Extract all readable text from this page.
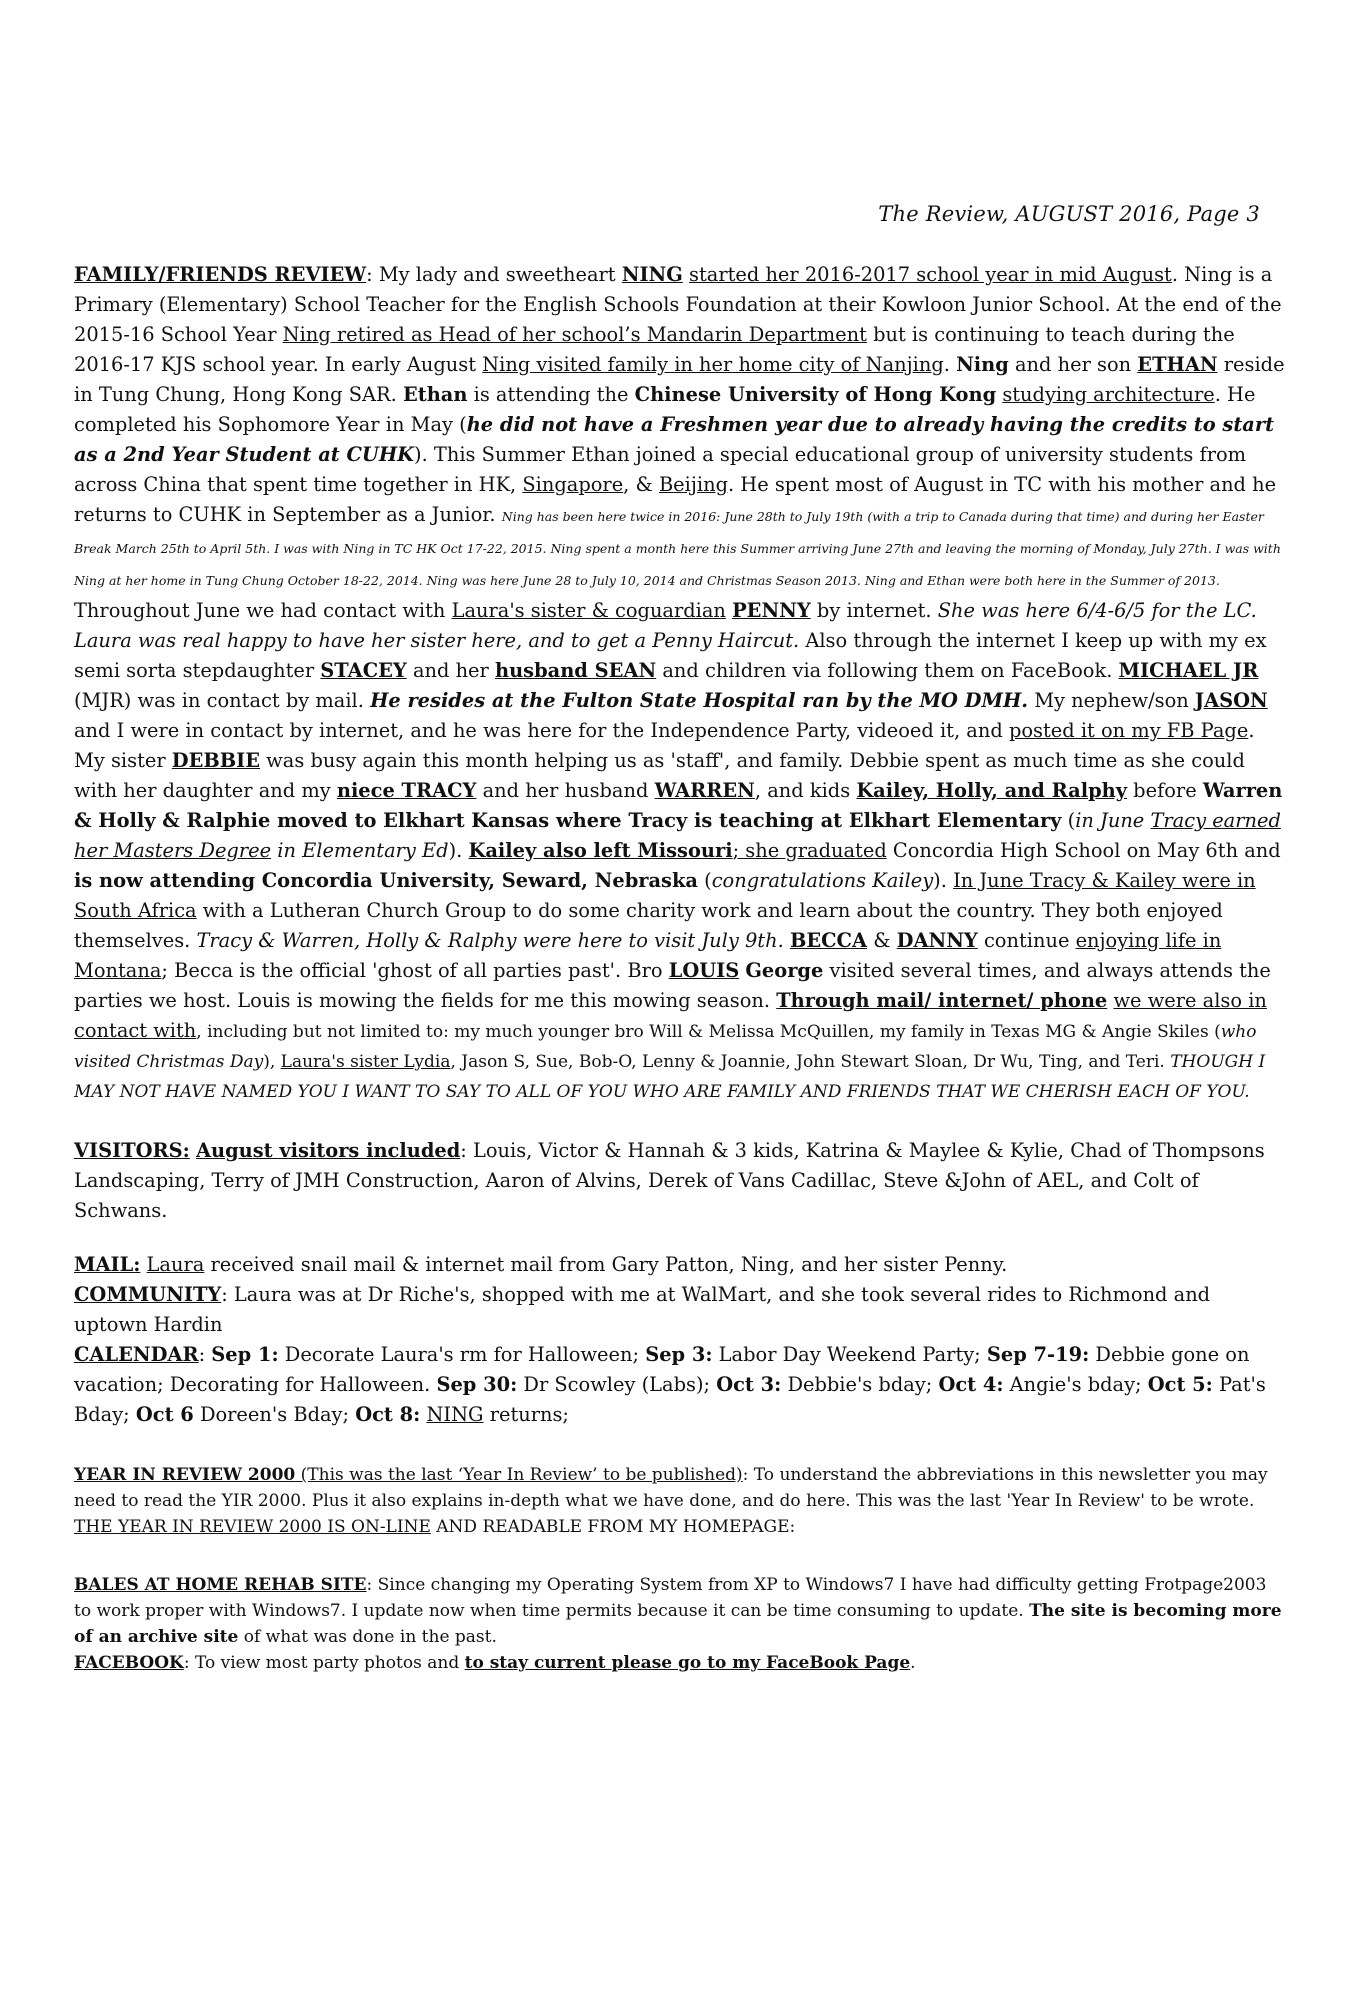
The Review, AUGUST 2016, Page 3

FAMILY/FRIENDS REVIEW: My lady and sweetheart NING started her 2016-2017 school year in mid August. Ning is a Primary (Elementary) School Teacher for the English Schools Foundation at their Kowloon Junior School. At the end of the 2015-16 School Year Ning retired as Head of her school’s Mandarin Department but is continuing to teach during the 2016-17 KJS school year. In early August Ning visited family in her home city of Nanjing. Ning and her son ETHAN reside in Tung Chung, Hong Kong SAR. Ethan is attending the Chinese University of Hong Kong studying architecture. He completed his Sophomore Year in May (he did not have a Freshmen year due to already having the credits to start as a 2nd Year Student at CUHK). This Summer Ethan joined a special educational group of university students from across China that spent time together in HK, Singapore, & Beijing. He spent most of August in TC with his mother and he returns to CUHK in September as a Junior. Ning has been here twice in 2016: June 28th to July 19th (with a trip to Canada during that time) and during her Easter Break March 25th to April 5th. I was with Ning in TC HK Oct 17-22, 2015. Ning spent a month here this Summer arriving June 27th and leaving the morning of Monday, July 27th. I was with Ning at her home in Tung Chung October 18-22, 2014. Ning was here June 28 to July 10, 2014 and Christmas Season 2013. Ning and Ethan were both here in the Summer of 2013. Throughout June we had contact with Laura's sister & coguardian PENNY by internet. She was here 6/4-6/5 for the LC. Laura was real happy to have her sister here, and to get a Penny Haircut. Also through the internet I keep up with my ex semi sorta stepdaughter STACEY and her husband SEAN and children via following them on FaceBook. MICHAEL JR (MJR) was in contact by mail. He resides at the Fulton State Hospital ran by the MO DMH. My nephew/son JASON and I were in contact by internet, and he was here for the Independence Party, videoed it, and posted it on my FB Page. My sister DEBBIE was busy again this month helping us as 'staff', and family. Debbie spent as much time as she could with her daughter and my niece TRACY and her husband WARREN, and kids Kailey, Holly, and Ralphy before Warren & Holly & Ralphie moved to Elkhart Kansas where Tracy is teaching at Elkhart Elementary (in June Tracy earned her Masters Degree in Elementary Ed). Kailey also left Missouri; she graduated Concordia High School on May 6th and is now attending Concordia University, Seward, Nebraska (congratulations Kailey). In June Tracy & Kailey were in South Africa with a Lutheran Church Group to do some charity work and learn about the country. They both enjoyed themselves. Tracy & Warren, Holly & Ralphy were here to visit July 9th. BECCA & DANNY continue enjoying life in Montana; Becca is the official 'ghost of all parties past'. Bro LOUIS George visited several times, and always attends the parties we host. Louis is mowing the fields for me this mowing season. Through mail/ internet/ phone we were also in contact with, including but not limited to: my much younger bro Will & Melissa McQuillen, my family in Texas MG & Angie Skiles (who visited Christmas Day), Laura's sister Lydia, Jason S, Sue, Bob-O, Lenny & Joannie, John Stewart Sloan, Dr Wu, Ting, and Teri. THOUGH I MAY NOT HAVE NAMED YOU I WANT TO SAY TO ALL OF YOU WHO ARE FAMILY AND FRIENDS THAT WE CHERISH EACH OF YOU.

VISITORS: August visitors included: Louis, Victor & Hannah & 3 kids, Katrina & Maylee & Kylie, Chad of Thompsons Landscaping, Terry of JMH Construction, Aaron of Alvins, Derek of Vans Cadillac, Steve &John of AEL, and Colt of Schwans.

MAIL: Laura received snail mail & internet mail from Gary Patton, Ning, and her sister Penny.
COMMUNITY: Laura was at Dr Riche's, shopped with me at WalMart, and she took several rides to Richmond and uptown Hardin
CALENDAR: Sep 1: Decorate Laura's rm for Halloween; Sep 3: Labor Day Weekend Party; Sep 7-19: Debbie gone on vacation; Decorating for Halloween. Sep 30: Dr Scowley (Labs); Oct 3: Debbie's bday; Oct 4: Angie's bday; Oct 5: Pat's Bday; Oct 6 Doreen's Bday; Oct 8: NING returns;

YEAR IN REVIEW 2000 (This was the last ‘Year In Review’ to be published): To understand the abbreviations in this newsletter you may need to read the YIR 2000. Plus it also explains in-depth what we have done, and do here. This was the last 'Year In Review' to be wrote. THE YEAR IN REVIEW 2000 IS ON-LINE AND READABLE FROM MY HOMEPAGE:

BALES AT HOME REHAB SITE: Since changing my Operating System from XP to Windows7 I have had difficulty getting Frotpage2003 to work proper with Windows7. I update now when time permits because it can be time consuming to update. The site is becoming more of an archive site of what was done in the past.
FACEBOOK: To view most party photos and to stay current please go to my FaceBook Page.
